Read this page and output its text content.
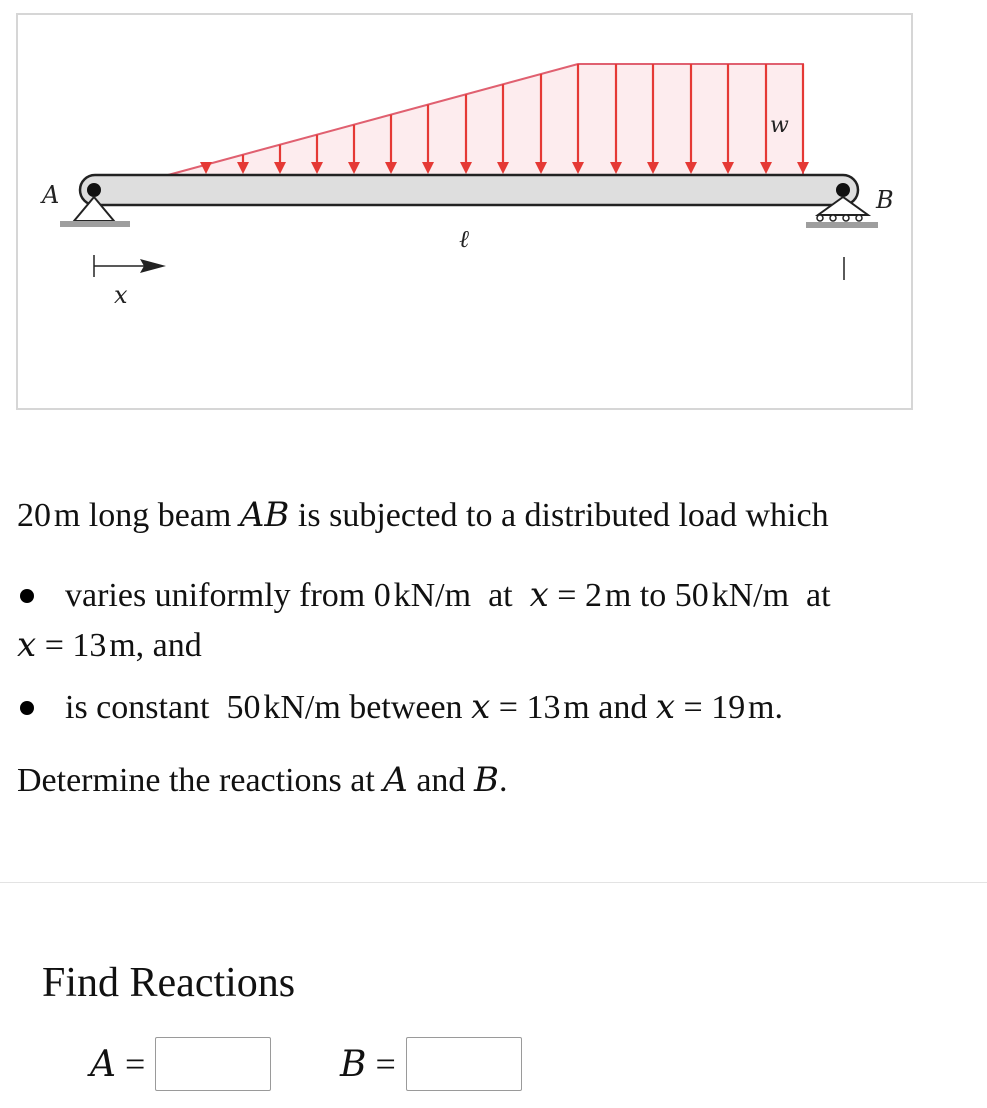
A	B
w
ℓ
x
20 m long beam AB is subjected to a distributed load which
varies uniformly from 0 kN/m at x = 2 m to 50 kN/m at
x = 13 m, and
is constant  50 kN/m between x = 13 m and x = 19 m.
Determine the reactions at A and B.
Find Reactions
A =	B =
